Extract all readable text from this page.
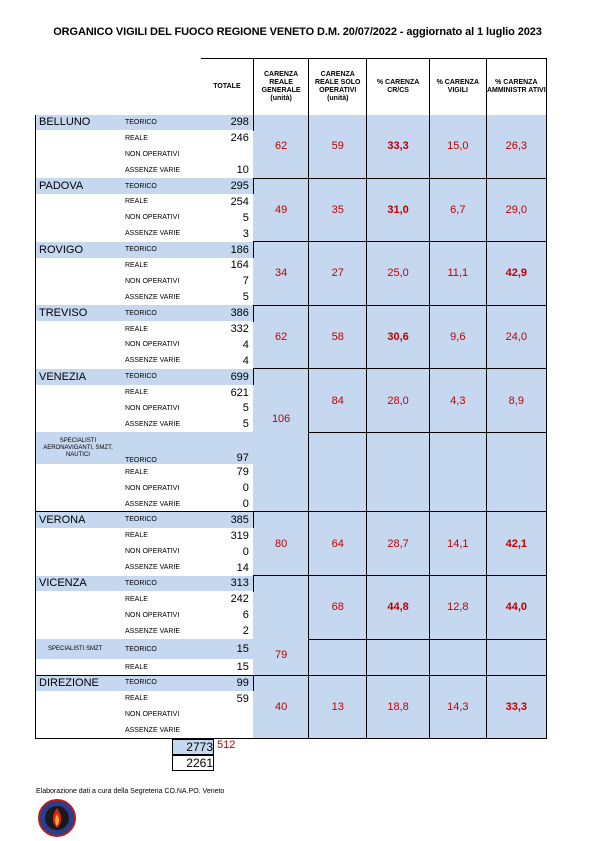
ORGANICO VIGILI DEL FUOCO REGIONE VENETO D.M. 20/07/2022 - aggiornato al 1 luglio 2023
		TOTALE	CARENZA REALE GENERALE (unità)	CARENZA REALE SOLO OPERATIVI (unità)	% CARENZA CR/CS	% CARENZA VIGILI	% CARENZA AMMINISTR ATIVI
BELLUNO	TEORICO	298	62	59	33,3	15,0	26,3
	REALE	246					
	NON OPERATIVI						
	ASSENZE VARIE	10					
PADOVA	TEORICO	295	49	35	31,0	6,7	29,0
	REALE	254					
	NON OPERATIVI	5					
	ASSENZE VARIE	3					
ROVIGO	TEORICO	186	34	27	25,0	11,1	42,9
	REALE	164					
	NON OPERATIVI	7					
	ASSENZE VARIE	5					
TREVISO	TEORICO	386	62	58	30,6	9,6	24,0
	REALE	332					
	NON OPERATIVI	4					
	ASSENZE VARIE	4					
VENEZIA	TEORICO	699	106	84	28,0	4,3	8,9
	REALE	621					
	NON OPERATIVI	5					
	ASSENZE VARIE	5					
SPECIALISTI AERONAVIGANTI, SMZT, NAUTICI	TEORICO	97					
	REALE	79					
	NON OPERATIVI	0					
	ASSENZE VARIE	0					
VERONA	TEORICO	385	80	64	28,7	14,1	42,1
	REALE	319					
	NON OPERATIVI	0					
	ASSENZE VARIE	14					
VICENZA	TEORICO	313	79	68	44,8	12,8	44,0
	REALE	242					
	NON OPERATIVI	6					
	ASSENZE VARIE	2					
SPECIALISTI SMZT	TEORICO	15					
	REALE	15					
DIREZIONE	TEORICO	99	40	13	18,8	14,3	33,3
	REALE	59					
	NON OPERATIVI						
	ASSENZE VARIE						
2773 512
2261
Elaborazione dati a cura della Segreteria CO.NA.PO. Veneto
